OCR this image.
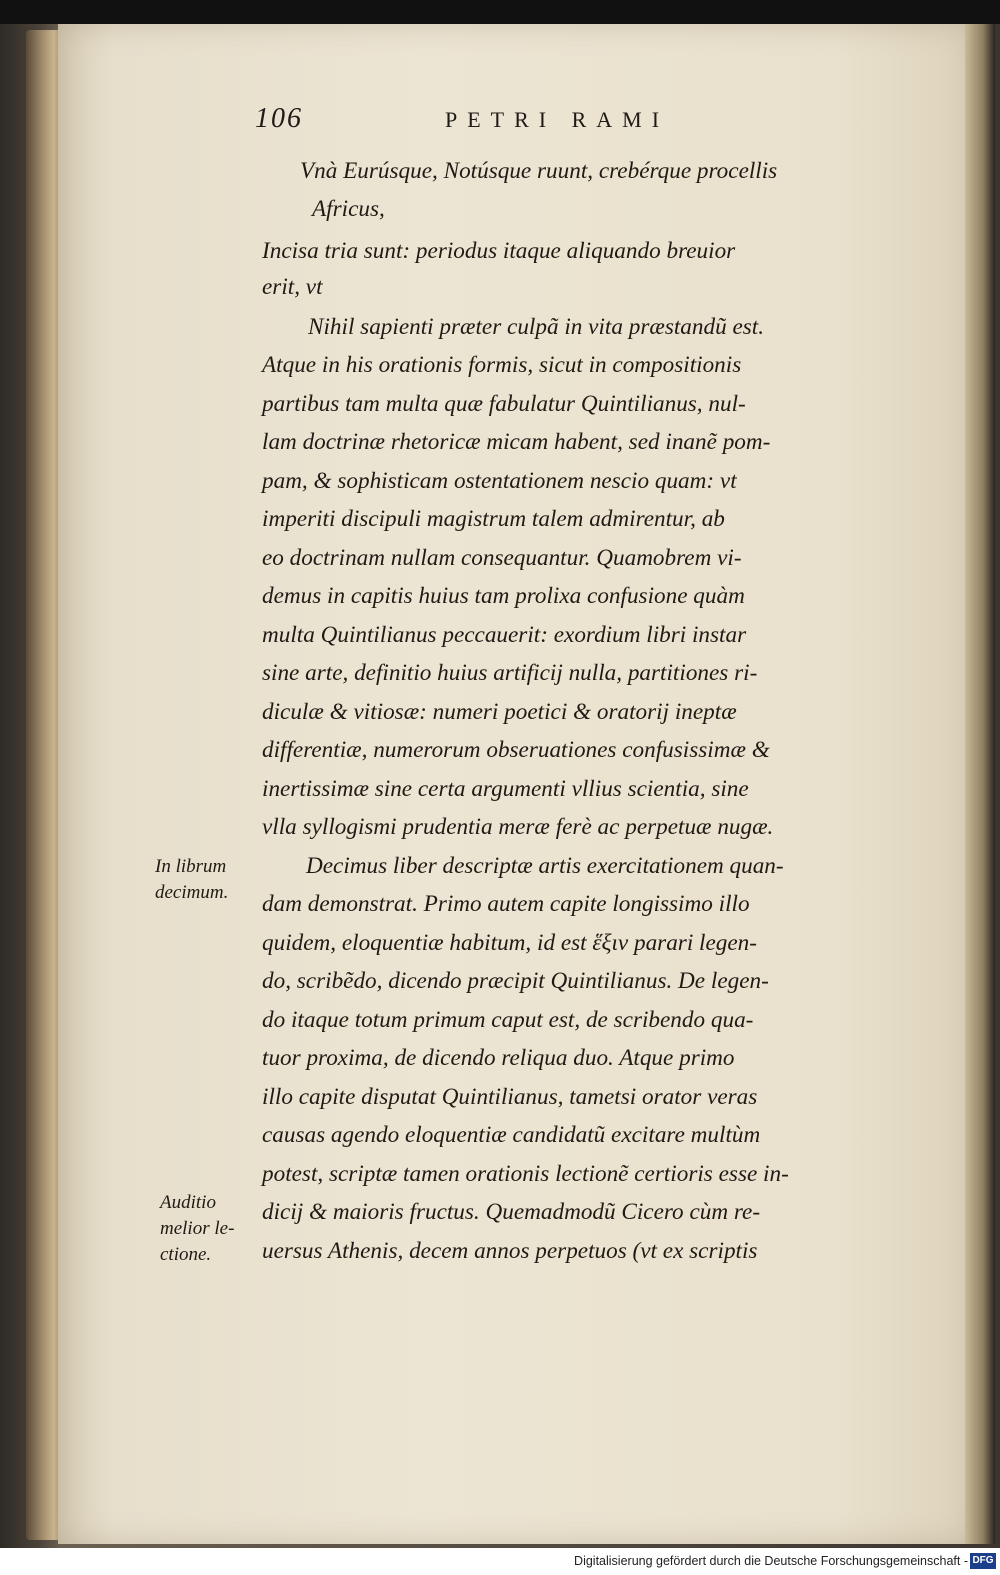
106	PETRI RAMI
Vnà Eurúsque, Notúsque ruunt, crebérque procellis
Africus,
Incisa tria sunt: periodus itaque aliquando breuior
erit, vt
Nihil sapienti præter culpã in vita præstandũ est.
Atque in his orationis formis, sicut in compositionis
partibus tam multa quæ fabulatur Quintilianus, nul-
lam doctrinæ rhetoricæ micam habent, sed inanẽ pom-
pam, & sophisticam ostentationem nescio quam: vt
imperiti discipuli magistrum talem admirentur, ab
eo doctrinam nullam consequantur. Quamobrem vi-
demus in capitis huius tam prolixa confusione quàm
multa Quintilianus peccauerit: exordium libri instar
sine arte, definitio huius artificij nulla, partitiones ri-
diculæ & vitiosæ: numeri poetici & oratorij ineptæ
differentiæ, numerorum obseruationes confusissimæ &
inertissimæ sine certa argumenti vllius scientia, sine
vlla syllogismi prudentia meræ ferè ac perpetuæ nugæ.
Decimus liber descriptæ artis exercitationem quan-
dam demonstrat. Primo autem capite longissimo illo
quidem, eloquentiæ habitum, id est ἕξιν parari legen-
do, scribẽdo, dicendo præcipit Quintilianus. De legen-
do itaque totum primum caput est, de scribendo qua-
tuor proxima, de dicendo reliqua duo. Atque primo
illo capite disputat Quintilianus, tametsi orator veras
causas agendo eloquentiæ candidatũ excitare multùm
potest, scriptæ tamen orationis lectionẽ certioris esse in-
dicij & maioris fructus. Quemadmodũ Cicero cùm re-
uersus Athenis, decem annos perpetuos (vt ex scriptis
In librum
decimum.
Auditio
melior le-
ctione.
Digitalisierung gefördert durch die Deutsche Forschungsgemeinschaft - DFG
